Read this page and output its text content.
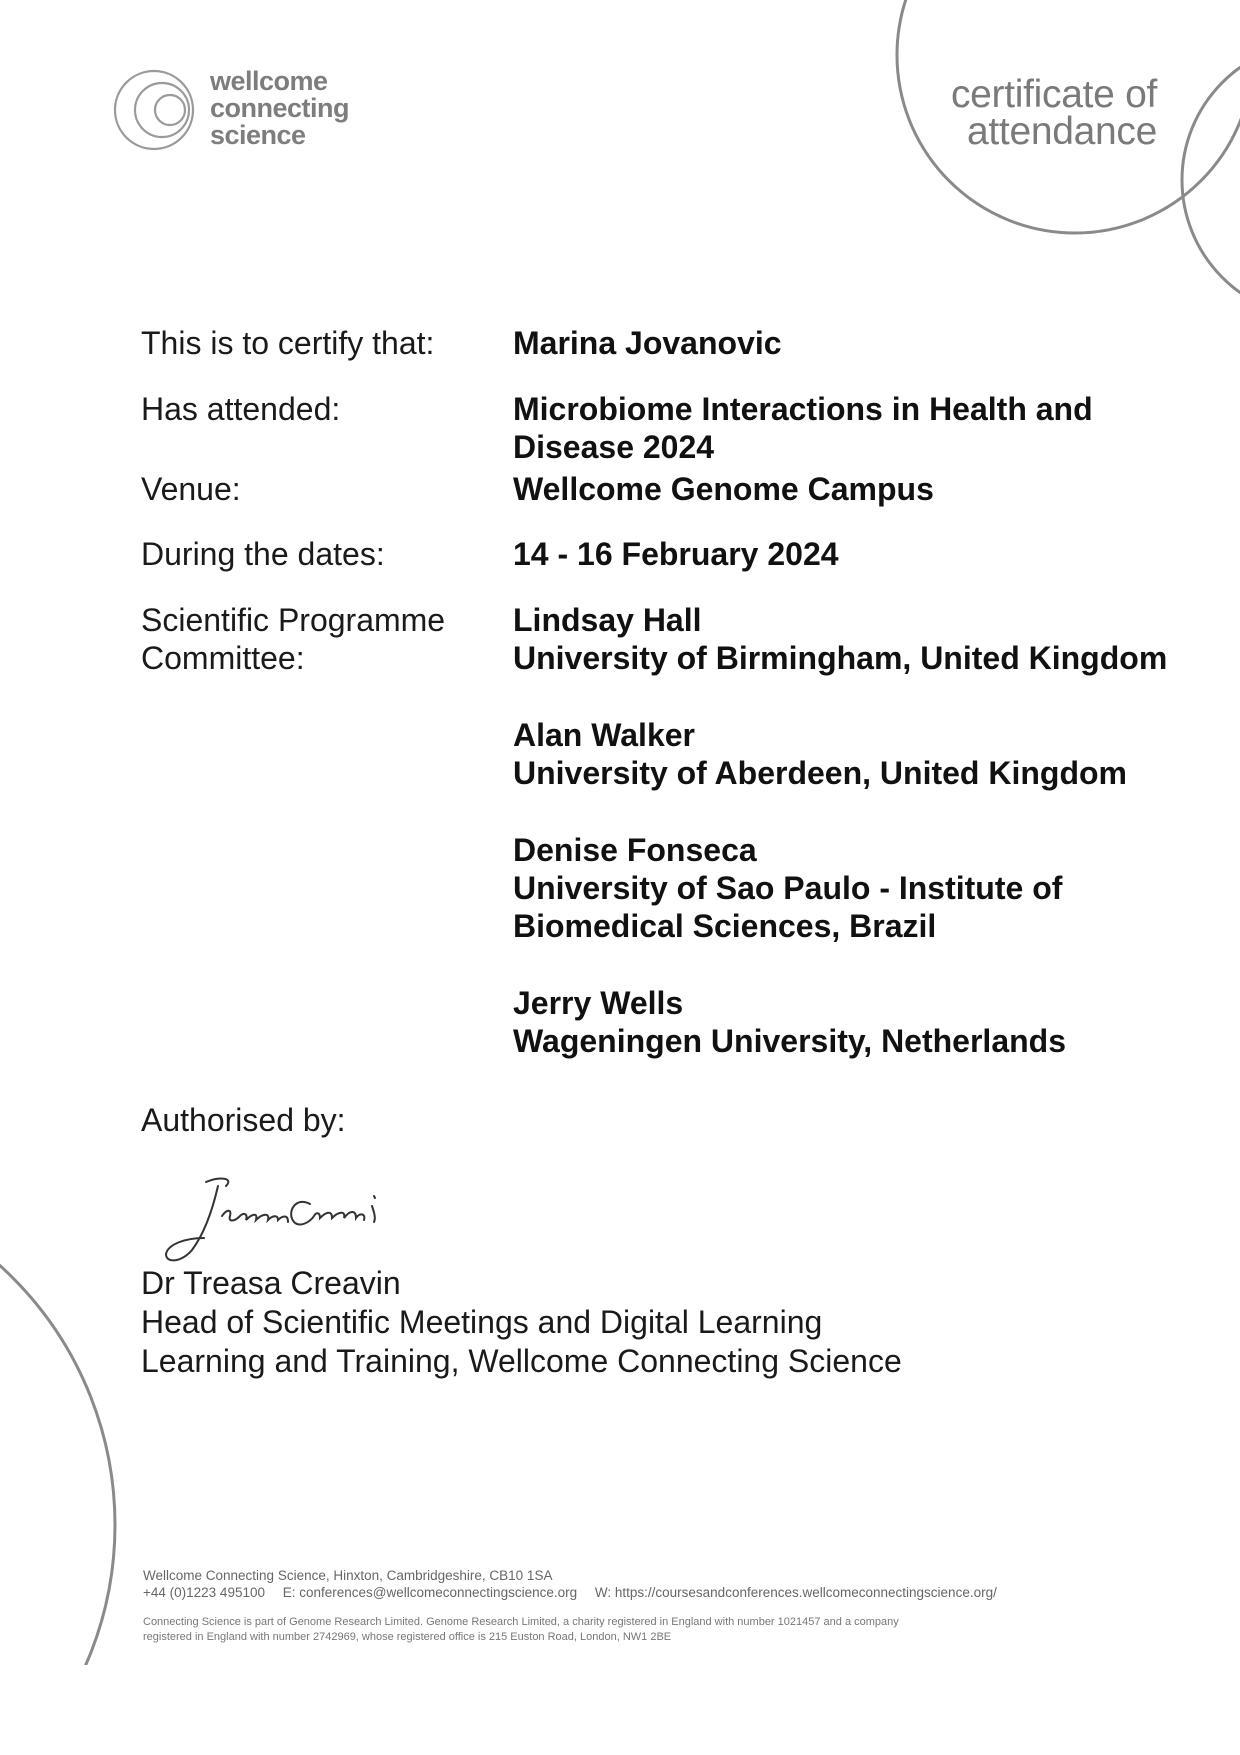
wellcome
connecting
science
certificate of
attendance
This is to certify that:	Marina Jovanovic
Has attended:	Microbiome Interactions in Health and
Disease 2024
Venue:	Wellcome Genome Campus
During the dates:	14 - 16 February 2024
Scientific Programme
Committee:
Lindsay Hall
University of Birmingham, United Kingdom
Alan Walker
University of Aberdeen, United Kingdom
Denise Fonseca
University of Sao Paulo - Institute of
Biomedical Sciences, Brazil
Jerry Wells
Wageningen University, Netherlands
Authorised by:
Dr Treasa Creavin
Head of Scientific Meetings and Digital Learning
Learning and Training, Wellcome Connecting Science
Wellcome Connecting Science, Hinxton, Cambridgeshire, CB10 1SA
+44 (0)1223 495100 E: conferences@wellcomeconnectingscience.org W: https://coursesandconferences.wellcomeconnectingscience.org/
Connecting Science is part of Genome Research Limited. Genome Research Limited, a charity registered in England with number 1021457 and a company
registered in England with number 2742969, whose registered office is 215 Euston Road, London, NW1 2BE
